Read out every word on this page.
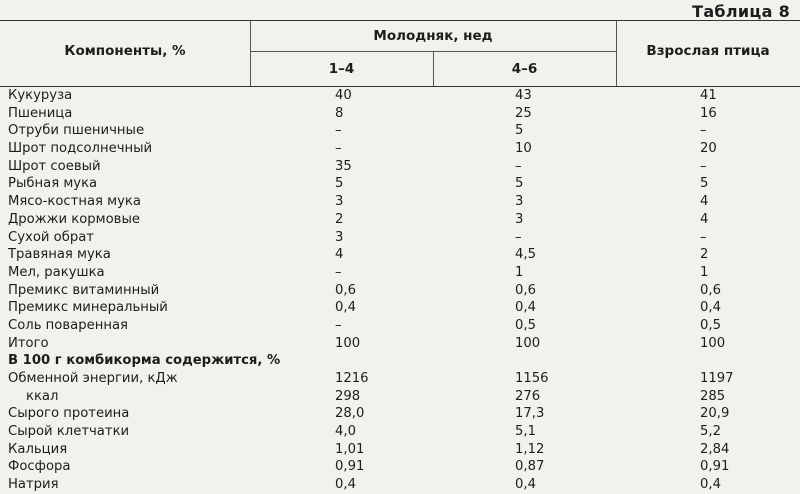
Таблица 8
Компоненты, %
Молодняк, нед
1–4	4–6
Взрослая птица
Кукуруза	40	43	41
Пшеница	8	25	16
Отруби пшеничные	–	5	–
Шрот подсолнечный	–	10	20
Шрот соевый	35	–	–
Рыбная мука	5	5	5
Мясо-костная мука	3	3	4
Дрожжи кормовые	2	3	4
Сухой обрат	3	–	–
Травяная мука	4	4,5	2
Мел, ракушка	–	1	1
Премикс витаминный	0,6	0,6	0,6
Премикс минеральный	0,4	0,4	0,4
Соль поваренная	–	0,5	0,5
Итого	100	100	100
В 100 г комбикорма содержится, %
Обменной энергии, кДж	1216	1156	1197
ккал	298	276	285
Сырого протеина	28,0	17,3	20,9
Сырой клетчатки	4,0	5,1	5,2
Кальция	1,01	1,12	2,84
Фосфора	0,91	0,87	0,91
Натрия	0,4	0,4	0,4
